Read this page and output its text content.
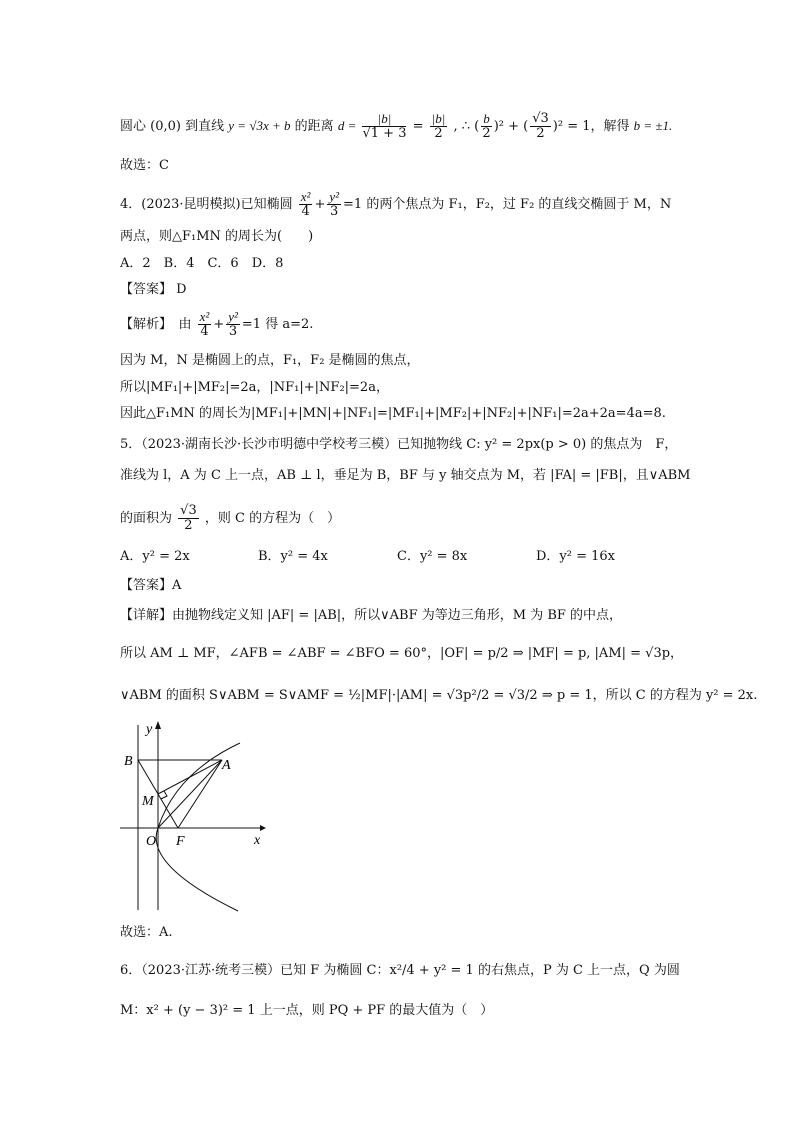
圆心 (0,0) 到直线 y = √3x + b 的距离 $d = \frac{|b|}{√1 + 3} = \frac{|b|}{2}$ , ∴ ( $\frac{b}{2} )^2$ + ( $\frac{√3}{2} )^2 = 1$，解得 b = ±1.
故选：C
4．(2023·昆明模拟)已知椭圆 $\frac{\text{x²}}{4} + \frac{\text{y²}}{3} =1$ 的两个焦点为 F₁，F₂，过 F₂ 的直线交椭圆于 M，N
两点，则△F₁MN 的周长为(　　)
A．2　B．4　C．6　D．8
【答案】 D
【解析】　由 $\frac{\text{x²}}{4} + \frac{\text{y²}}{3} =1$ 得 a=2.
因为 M，N 是椭圆上的点，F₁，F₂ 是椭圆的焦点，
所以|MF₁|+|MF₂|=2a，|NF₁|+|NF₂|=2a，
因此△F₁MN 的周长为|MF₁|+|MN|+|NF₁|=|MF₁|+|MF₂|+|NF₂|+|NF₁|=2a+2a=4a=8.
5．（2023·湖南长沙·长沙市明德中学校考三模）已知抛物线 C: y² = 2px(p > 0) 的焦点为　F，
准线为 l，A 为 C 上一点，AB ⊥ l，垂足为 B，BF 与 y 轴交点为 M，若 |FA| = |FB|，且∨ABM
的面积为 $\frac{√3}{2}$ ，则 C 的方程为（　）
A．y² = 2x	B．y² = 4x	C．y² = 8x	D．y² = 16x
【答案】A
【详解】由抛物线定义知 |AF| = |AB|，所以∨ABF 为等边三角形，M 为 BF 的中点，
所以 AM ⊥ MF，∠AFB = ∠ABF = ∠BFO = 60°，|OF| = p/2 ⇒ |MF| = p, |AM| = √3p，
∨ABM 的面积 S∨ABM = S∨AMF = ½|MF|·|AM| = √3p²/2 = √3/2 ⇒ p = 1，所以 C 的方程为 y² = 2x.
y
x
B	A
M
O F
故选：A.
6．（2023·江苏·统考三模）已知 F 为椭圆 C：x²/4 + y² = 1 的右焦点，P 为 C 上一点，Q 为圆
M：x² + (y − 3)² = 1 上一点，则 PQ + PF 的最大值为（　）
